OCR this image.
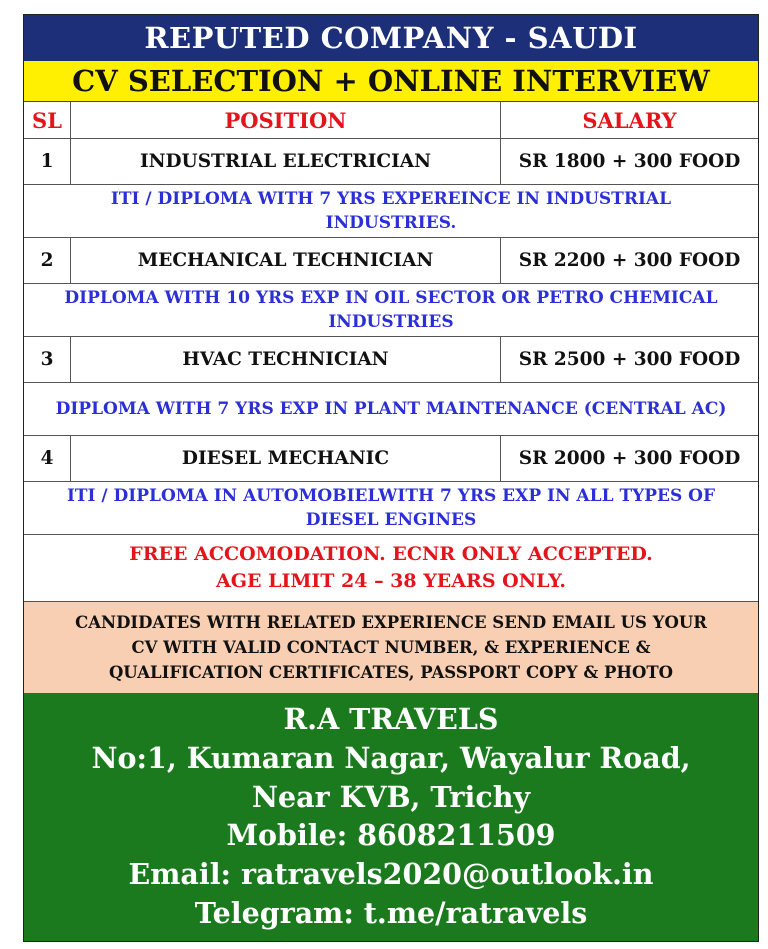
REPUTED COMPANY - SAUDI
CV SELECTION + ONLINE INTERVIEW
SL	POSITION	SALARY
1	INDUSTRIAL ELECTRICIAN	SR 1800 + 300 FOOD
ITI / DIPLOMA WITH 7 YRS EXPEREINCE IN INDUSTRIAL
INDUSTRIES.
2	MECHANICAL TECHNICIAN	SR 2200 + 300 FOOD
DIPLOMA WITH 10 YRS EXP IN OIL SECTOR OR PETRO CHEMICAL
INDUSTRIES
3	HVAC TECHNICIAN	SR 2500 + 300 FOOD
DIPLOMA WITH 7 YRS EXP IN PLANT MAINTENANCE (CENTRAL AC)
4	DIESEL MECHANIC	SR 2000 + 300 FOOD
ITI / DIPLOMA IN AUTOMOBIELWITH 7 YRS EXP IN ALL TYPES OF
DIESEL ENGINES
FREE ACCOMODATION. ECNR ONLY ACCEPTED.
AGE LIMIT 24 – 38 YEARS ONLY.
CANDIDATES WITH RELATED EXPERIENCE SEND EMAIL US YOUR
CV WITH VALID CONTACT NUMBER, & EXPERIENCE &
QUALIFICATION CERTIFICATES, PASSPORT COPY & PHOTO
R.A TRAVELS
No:1, Kumaran Nagar, Wayalur Road,
Near KVB, Trichy
Mobile: 8608211509
Email: ratravels2020@outlook.in
Telegram: t.me/ratravels
